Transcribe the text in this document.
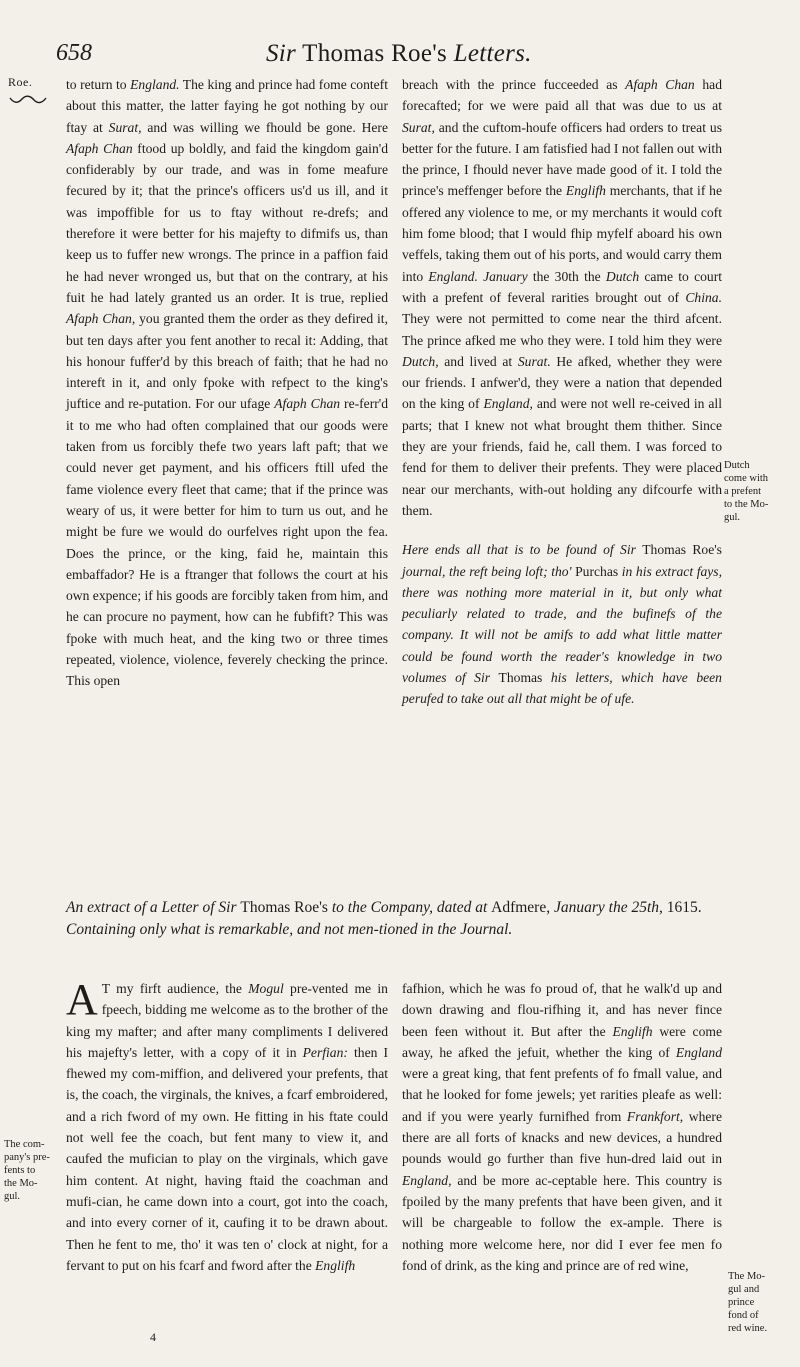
658	Sir Thomas Roe's Letters.
Roe. to return to England. The king and prince had fome conteft about this matter, the latter faying he got nothing by our ftay at Surat, and was willing we fhould be gone. Here Afaph Chan ftood up boldly, and faid the kingdom gain'd confiderably by our trade, and was in fome meafure fecured by it; that the prince's officers us'd us ill, and it was impoffible for us to ftay without re-drefs; and therefore it were better for his majefty to difmifs us, than keep us to fuffer new wrongs. The prince in a paffion faid he had never wronged us, but that on the contrary, at his fuit he had lately granted us an order. It is true, replied Afaph Chan, you granted them the order as they defired it, but ten days after you fent another to recal it: Adding, that his honour fuffer'd by this breach of faith; that he had no intereft in it, and only fpoke with refpect to the king's juftice and re-putation. For our ufage Afaph Chan re-ferr'd it to me who had often complained that our goods were taken from us forcibly thefe two years laft paft; that we could never get payment, and his officers ftill ufed the fame violence every fleet that came; that if the prince was weary of us, it were better for him to turn us out, and he might be fure we would do ourfelves right upon the fea. Does the prince, or the king, faid he, maintain this embaffador? He is a ftranger that follows the court at his own expence; if his goods are forcibly taken from him, and he can procure no payment, how can he fubfift? This was fpoke with much heat, and the king two or three times repeated, violence, violence, feverely checking the prince. This open

breach with the prince fucceeded as Afaph Chan had forecafted; for we were paid all that was due to us at Surat, and the cuftom-houfe officers had orders to treat us better for the future. I am fatisfied had I not fallen out with the prince, I fhould never have made good of it. I told the prince's meffenger before the Englifh merchants, that if he offered any violence to me, or my merchants it would coft him fome blood; that I would fhip myfelf aboard his own veffels, taking them out of his ports, and would carry them into England. January the 30th the Dutch came to court with a prefent of feveral rarities brought out of China. They were not permitted to come near the third afcent. The prince afked me who they were. I told him they were Dutch, and lived at Surat. He afked, whether they were our friends. I anfwer'd, they were a nation that depended on the king of England, and were not well re-ceived in all parts; that I knew not what brought them thither. Since they are your friends, faid he, call them. I was forced to fend for them to deliver their prefents. They were placed near our merchants, with-out holding any difcourfe with them.

Here ends all that is to be found of Sir Thomas Roe's journal, the reft being loft; tho' Purchas in his extract fays, there was nothing more material in it, but only what peculiarly related to trade, and the bufinefs of the company. It will not be amifs to add what little matter could be found worth the reader's knowledge in two volumes of Sir Thomas his letters, which have been perufed to take out all that might be of ufe.

Dutch
come with
a prefent
to the Mo-
gul.
An extract of a Letter of Sir Thomas Roe's to the Company, dated at Adfmere, January the 25th, 1615. Containing only what is remarkable, and not men-tioned in the Journal.

A T my firft audience, the Mogul pre-vented me in fpeech, bidding me welcome as to the brother of the king my mafter; and after many compliments I delivered his majefty's letter, with a copy of it in Perfian: then I fhewed my com-miffion, and delivered your prefents, that is, the coach, the virginals, the knives, a fcarf embroidered, and a rich fword of my own. He fitting in his ftate could not well fee the coach, but fent many to view it, and caufed the mufician to play on the virginals, which gave him content. At night, having ftaid the coachman and mufi-cian, he came down into a court, got into the coach, and into every corner of it, caufing it to be drawn about. Then he fent to me, tho' it was ten o' clock at night, for a fervant to put on his fcarf and fword after the Englifh

The com-
pany's pre-
fents to
the Mo-
gul.

fafhion, which he was fo proud of, that he walk'd up and down drawing and flou-rifhing it, and has never fince been feen without it. But after the Englifh were come away, he afked the jefuit, whether the king of England were a great king, that fent prefents of fo fmall value, and that he looked for fome jewels; yet rarities pleafe as well: and if you were yearly furnifhed from Frankfort, where there are all forts of knacks and new devices, a hundred pounds would go further than five hun-dred laid out in England, and be more ac-ceptable here. This country is fpoiled by the many prefents that have been given, and it will be chargeable to follow the ex-ample. There is nothing more welcome here, nor did I ever fee men fo fond of drink, as the king and prince are of red wine,

The Mo-
gul and
prince
fond of
red wine.
4
